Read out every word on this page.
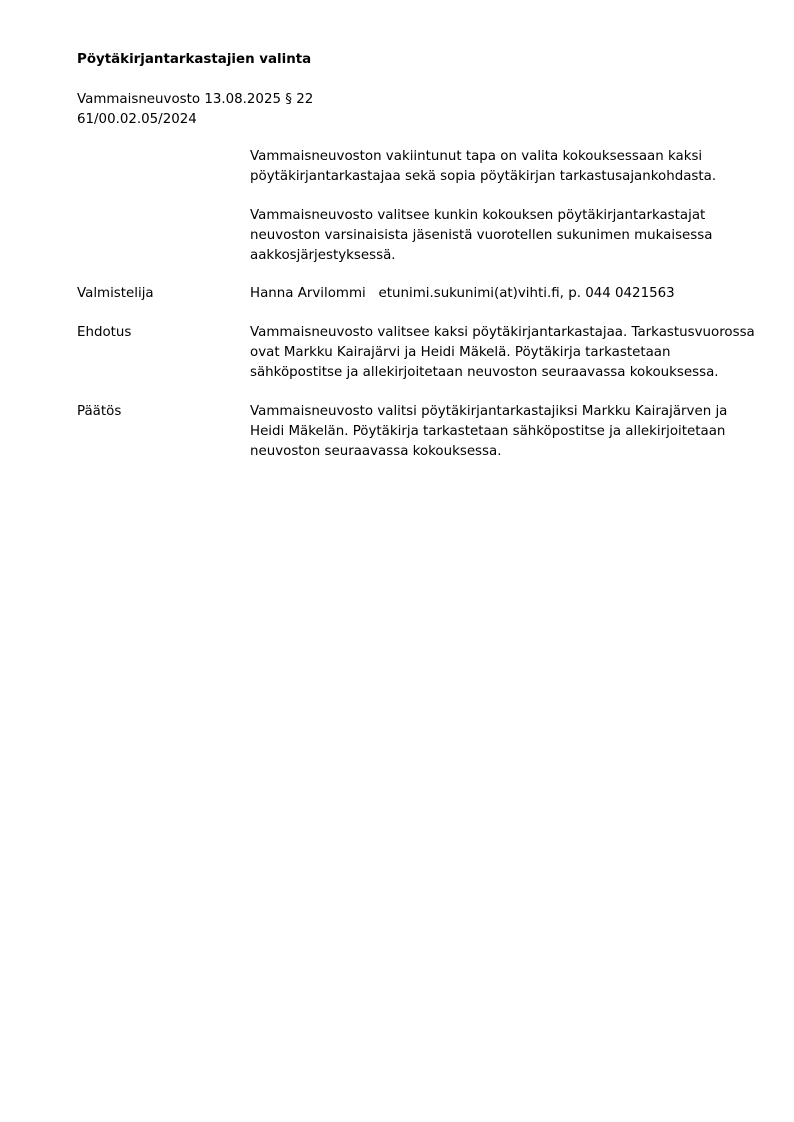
Pöytäkirjantarkastajien valinta
Vammaisneuvosto 13.08.2025 § 22
61/00.02.05/2024

Vammaisneuvoston vakiintunut tapa on valita kokouksessaan kaksi
pöytäkirjantarkastajaa sekä sopia pöytäkirjan tarkastusajankohdasta.

Vammaisneuvosto valitsee kunkin kokouksen pöytäkirjantarkastajat
neuvoston varsinaisista jäsenistä vuorotellen sukunimen mukaisessa
aakkosjärjestyksessä.

Valmistelija	Hanna Arvilommi   etunimi.sukunimi(at)vihti.fi, p. 044 0421563
Ehdotus	Vammaisneuvosto valitsee kaksi pöytäkirjantarkastajaa. Tarkastusvuorossa
ovat Markku Kairajärvi ja Heidi Mäkelä. Pöytäkirja tarkastetaan
sähköpostitse ja allekirjoitetaan neuvoston seuraavassa kokouksessa.

Päätös	Vammaisneuvosto valitsi pöytäkirjantarkastajiksi Markku Kairajärven ja
Heidi Mäkelän. Pöytäkirja tarkastetaan sähköpostitse ja allekirjoitetaan
neuvoston seuraavassa kokouksessa.
